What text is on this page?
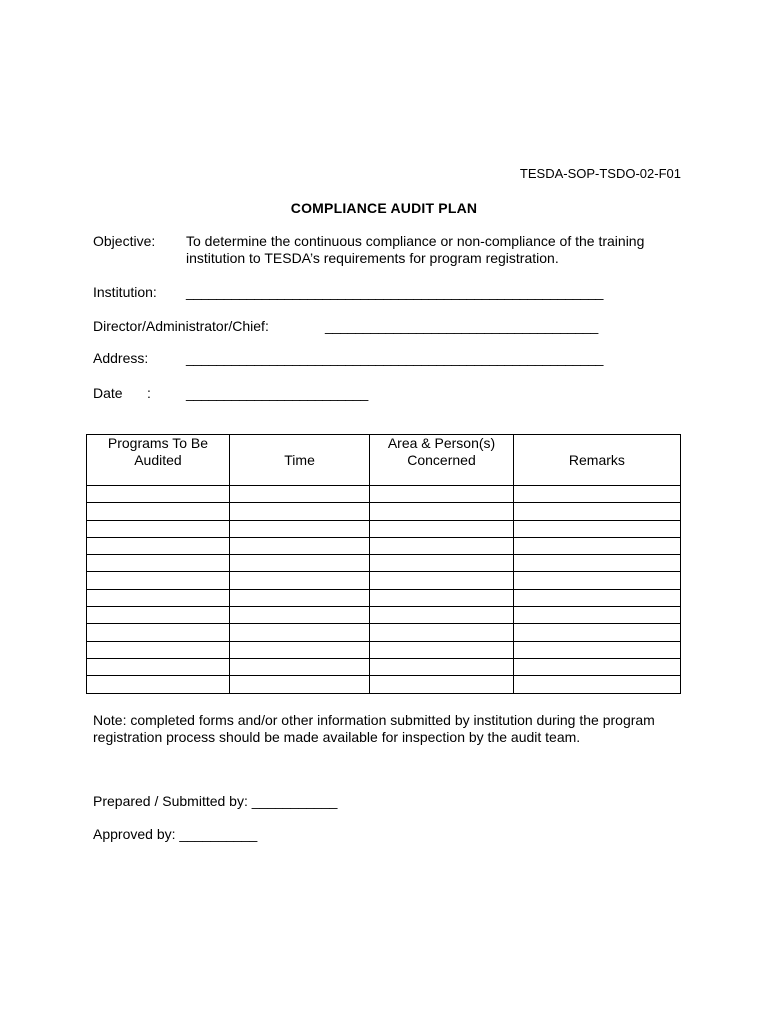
TESDA-SOP-TSDO-02-F01
COMPLIANCE AUDIT PLAN
Objective: To determine the continuous compliance or non-compliance of the training institution to TESDA’s requirements for program registration.
Institution: _______________________________________________________
Director/Administrator/Chief:	____________________________________
Address:	_______________________________________________________
Date :	________________________
Programs To Be Audited	Time	Area & Person(s) Concerned	Remarks

Note: completed forms and/or other information submitted by institution during the program registration process should be made available for inspection by the audit team.
Prepared / Submitted by: ___________
Approved by: __________
